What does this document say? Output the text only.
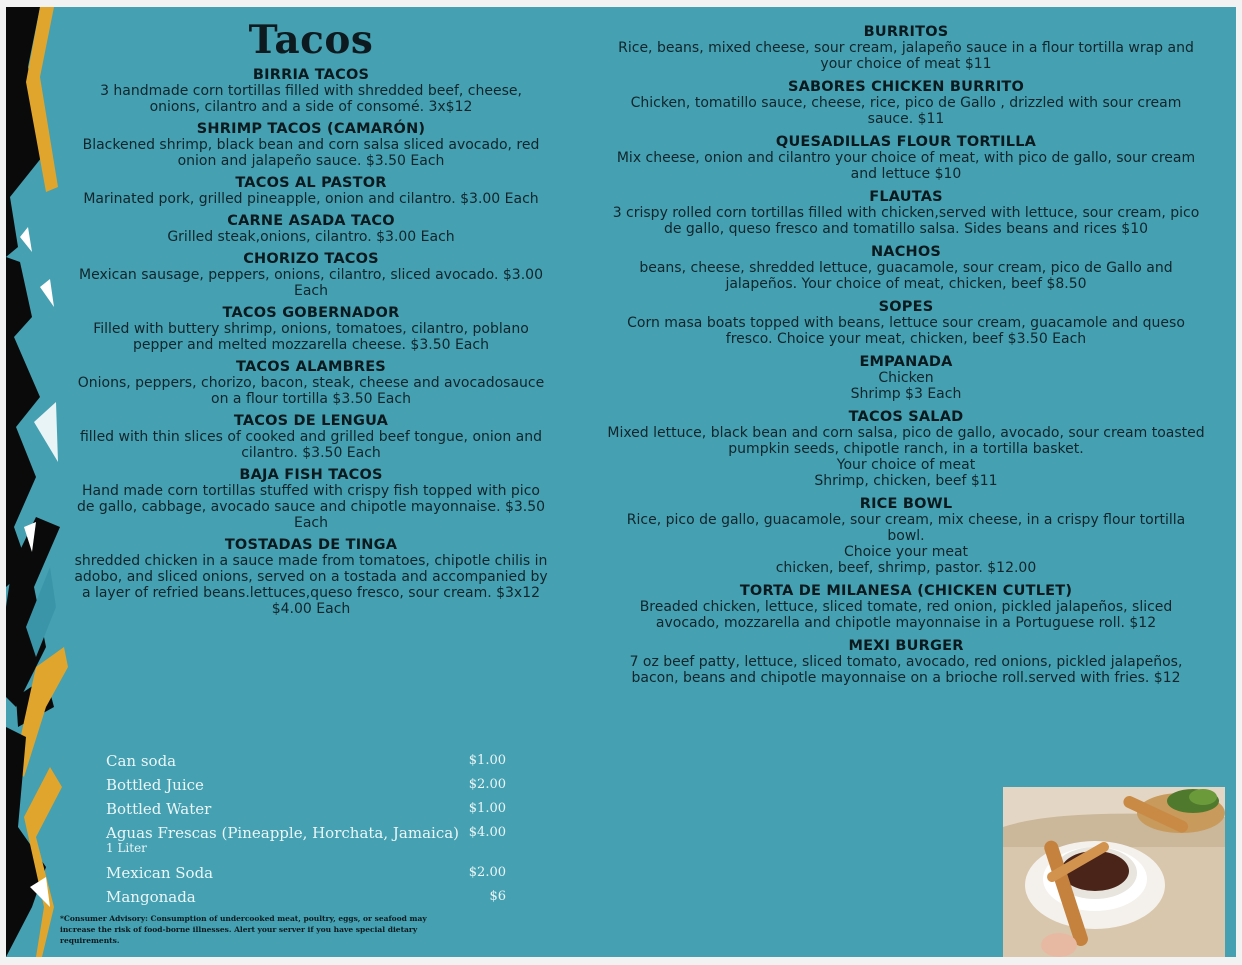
Tacos
BIRRIA TACOS
3 handmade corn tortillas filled with shredded beef, cheese, onions, cilantro and a side of consomé. 3x$12
SHRIMP TACOS (CAMARÓN)
Blackened shrimp, black bean and corn salsa sliced avocado, red onion and jalapeño sauce. $3.50 Each
TACOS AL PASTOR
Marinated pork, grilled pineapple, onion and cilantro. $3.00 Each
CARNE ASADA TACO
Grilled steak,onions, cilantro. $3.00 Each
CHORIZO TACOS
Mexican sausage, peppers, onions, cilantro, sliced avocado. $3.00 Each
TACOS GOBERNADOR
Filled with buttery shrimp, onions, tomatoes, cilantro, poblano pepper and melted mozzarella cheese. $3.50 Each
TACOS ALAMBRES
Onions, peppers, chorizo, bacon, steak, cheese and avocadosauce on a flour tortilla $3.50 Each
TACOS DE LENGUA
filled with thin slices of cooked and grilled beef tongue, onion and cilantro. $3.50 Each
BAJA FISH TACOS
Hand made corn tortillas stuffed with crispy fish topped with pico de gallo, cabbage, avocado sauce and chipotle mayonnaise. $3.50 Each
TOSTADAS DE TINGA
shredded chicken in a sauce made from tomatoes, chipotle chilis in adobo, and sliced onions, served on a tostada and accompanied by a layer of refried beans.lettuces,queso fresco, sour cream. $3x12 $4.00 Each
BURRITOS
Rice, beans, mixed cheese, sour cream, jalapeño sauce in a flour tortilla wrap and your choice of meat $11
SABORES CHICKEN BURRITO
Chicken, tomatillo sauce, cheese, rice, pico de Gallo , drizzled with sour cream sauce. $11
QUESADILLAS FLOUR TORTILLA
Mix cheese, onion and cilantro your choice of meat, with pico de gallo, sour cream and lettuce $10
FLAUTAS
3 crispy rolled corn tortillas filled with chicken,served with lettuce, sour cream, pico de gallo, queso fresco and tomatillo salsa. Sides beans and rices $10
NACHOS
beans, cheese, shredded lettuce, guacamole, sour cream, pico de Gallo and jalapeños. Your choice of meat, chicken, beef $8.50
SOPES
Corn masa boats topped with beans, lettuce sour cream, guacamole and queso fresco. Choice your meat, chicken, beef $3.50 Each
EMPANADA
Chicken
Shrimp $3 Each
TACOS SALAD
Mixed lettuce, black bean and corn salsa, pico de gallo, avocado, sour cream toasted pumpkin seeds, chipotle ranch, in a tortilla basket.
Your choice of meat
Shrimp, chicken, beef $11
RICE BOWL
Rice, pico de gallo, guacamole, sour cream, mix cheese, in a crispy flour tortilla bowl.
Choice your meat
chicken, beef, shrimp, pastor. $12.00
TORTA DE MILANESA (CHICKEN CUTLET)
Breaded chicken, lettuce, sliced tomate, red onion, pickled jalapeños, sliced avocado, mozzarella and chipotle mayonnaise in a Portuguese roll. $12
MEXI BURGER
7 oz beef patty, lettuce, sliced tomato, avocado, red onions, pickled jalapeños, bacon, beans and chipotle mayonnaise on a brioche roll.served with fries. $12
Can soda	$1.00
Bottled Juice	$2.00
Bottled Water	$1.00
Aguas Frescas (Pineapple, Horchata, Jamaica) $4.00
1 Liter
Mexican Soda	$2.00
Mangonada	$6
*Consumer Advisory: Consumption of undercooked meat, poultry, eggs, or seafood may increase the risk of food-borne illnesses. Alert your server if you have special dietary requirements.
